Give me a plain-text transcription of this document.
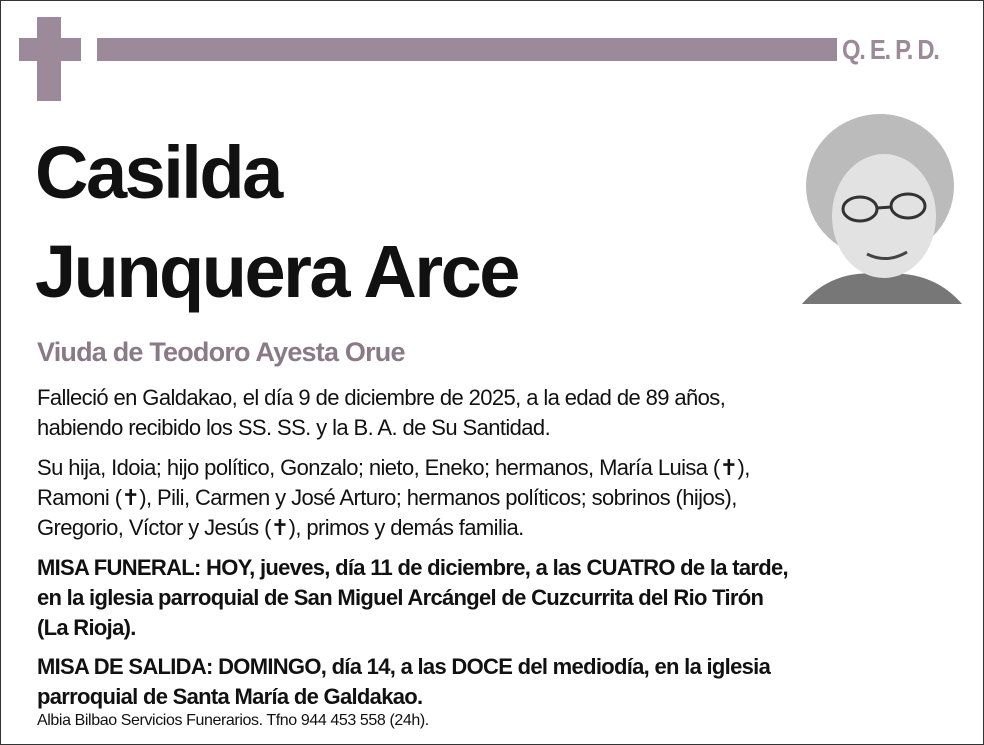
Q. E. P. D.
Casilda
Junquera Arce
Viuda de Teodoro Ayesta Orue
Falleció en Galdakao, el día 9 de diciembre de 2025, a la edad de 89 años,
habiendo recibido los SS. SS. y la B. A. de Su Santidad.
Su hija, Idoia; hijo político, Gonzalo; nieto, Eneko; hermanos, María Luisa (✝),
Ramoni (✝), Pili, Carmen y José Arturo; hermanos políticos; sobrinos (hijos),
Gregorio, Víctor y Jesús (✝), primos y demás familia.
MISA FUNERAL: HOY, jueves, día 11 de diciembre, a las CUATRO de la tarde,
en la iglesia parroquial de San Miguel Arcángel de Cuzcurrita del Rio Tirón
(La Rioja).
MISA DE SALIDA: DOMINGO, día 14, a las DOCE del mediodía, en la iglesia
parroquial de Santa María de Galdakao.
Albia Bilbao Servicios Funerarios. Tfno 944 453 558 (24h).
